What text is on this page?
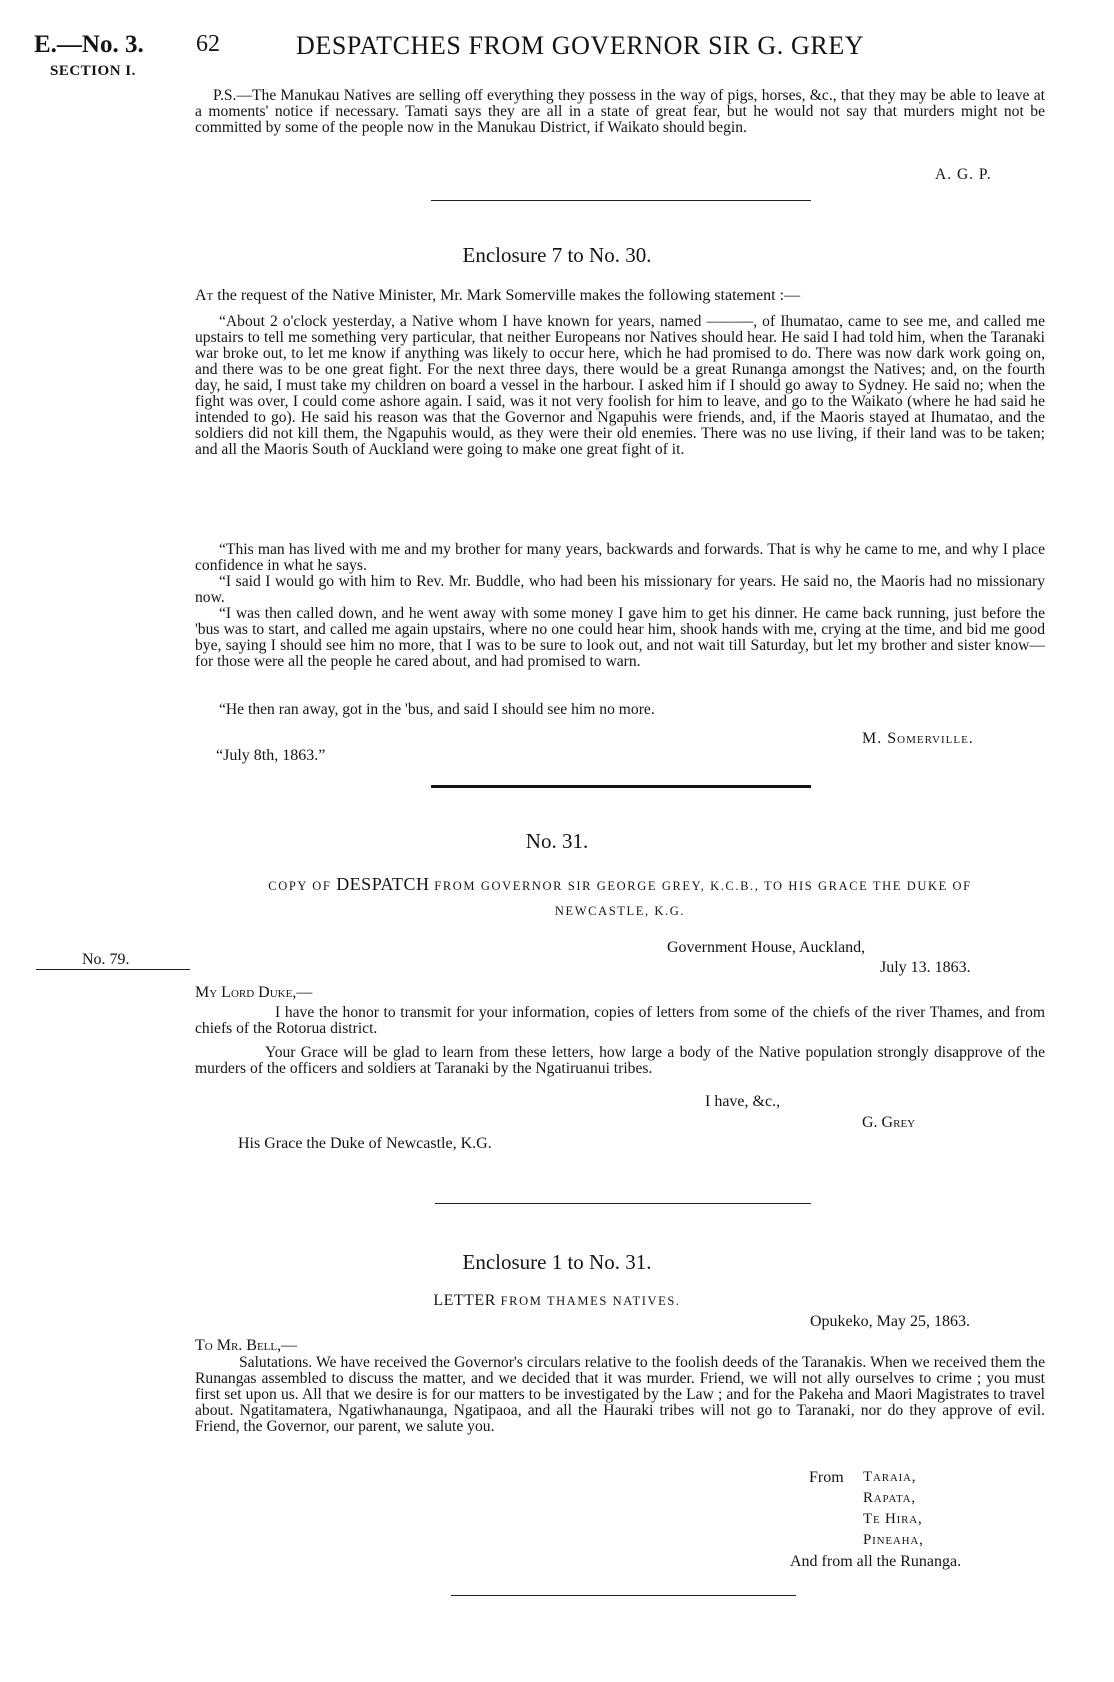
E.—No. 3.
SECTION I.
62	DESPATCHES FROM GOVERNOR SIR G. GREY
P.S.—The Manukau Natives are selling off everything they possess in the way of pigs, horses, &c., that they may be able to leave at a moments' notice if necessary. Tamati says they are all in a state of great fear, but he would not say that murders might not be committed by some of the people now in the Manukau District, if Waikato should begin.
A. G. P.
Enclosure 7 to No. 30.
At the request of the Native Minister, Mr. Mark Somerville makes the following statement :—
“About 2 o'clock yesterday, a Native whom I have known for years, named ———, of Ihumatao, came to see me, and called me upstairs to tell me something very particular, that neither Europeans nor Natives should hear. He said I had told him, when the Taranaki war broke out, to let me know if anything was likely to occur here, which he had promised to do. There was now dark work going on, and there was to be one great fight. For the next three days, there would be a great Runanga amongst the Natives; and, on the fourth day, he said, I must take my children on board a vessel in the harbour. I asked him if I should go away to Sydney. He said no; when the fight was over, I could come ashore again. I said, was it not very foolish for him to leave, and go to the Waikato (where he had said he intended to go). He said his reason was that the Governor and Ngapuhis were friends, and, if the Maoris stayed at Ihumatao, and the soldiers did not kill them, the Ngapuhis would, as they were their old enemies. There was no use living, if their land was to be taken; and all the Maoris South of Auckland were going to make one great fight of it.
“This man has lived with me and my brother for many years, backwards and forwards. That is why he came to me, and why I place confidence in what he says.
“I said I would go with him to Rev. Mr. Buddle, who had been his missionary for years. He said no, the Maoris had no missionary now.
“I was then called down, and he went away with some money I gave him to get his dinner. He came back running, just before the 'bus was to start, and called me again upstairs, where no one could hear him, shook hands with me, crying at the time, and bid me good bye, saying I should see him no more, that I was to be sure to look out, and not wait till Saturday, but let my brother and sister know—for those were all the people he cared about, and had promised to warn.
“He then ran away, got in the 'bus, and said I should see him no more.
M. Somerville.
“July 8th, 1863.”
No. 31.
COPY OF DESPATCH FROM GOVERNOR SIR GEORGE GREY, K.C.B., TO HIS GRACE THE DUKE OF
NEWCASTLE, K.G.
No. 79.
Government House, Auckland,
July 13. 1863.
My Lord Duke,—
I have the honor to transmit for your information, copies of letters from some of the chiefs of the river Thames, and from chiefs of the Rotorua district.
Your Grace will be glad to learn from these letters, how large a body of the Native population strongly disapprove of the murders of the officers and soldiers at Taranaki by the Ngatiruanui tribes.
I have, &c.,
G. Grey
His Grace the Duke of Newcastle, K.G.
Enclosure 1 to No. 31.
LETTER FROM THAMES NATIVES.
Opukeko, May 25, 1863.
To Mr. Bell,—
Salutations. We have received the Governor's circulars relative to the foolish deeds of the Taranakis. When we received them the Runangas assembled to discuss the matter, and we decided that it was murder. Friend, we will not ally ourselves to crime ; you must first set upon us. All that we desire is for our matters to be investigated by the Law ; and for the Pakeha and Maori Magistrates to travel about. Ngatitamatera, Ngatiwhanaunga, Ngatipaoa, and all the Hauraki tribes will not go to Taranaki, nor do they approve of evil. Friend, the Governor, our parent, we salute you.
From Taraia,
Rapata,
Te Hira,
Pineaha,
And from all the Runanga.
